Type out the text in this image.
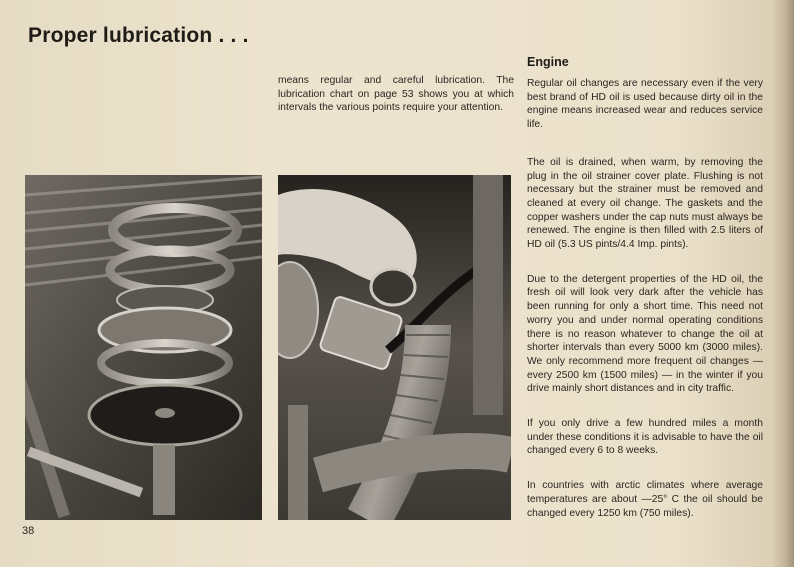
Proper lubrication . . .
means regular and careful lubrication. The lubrication chart on page 53 shows you at which intervals the various points require your attention.
Engine

Regular oil changes are necessary even if the very best brand of HD oil is used because dirty oil in the engine means increased wear and reduces service life.

The oil is drained, when warm, by removing the plug in the oil strainer cover plate. Flushing is not necessary but the strainer must be removed and cleaned at every oil change. The gaskets and the copper washers under the cap nuts must always be renewed. The engine is then filled with 2.5 liters of HD oil (5.3 US pints/4.4 Imp. pints).

Due to the detergent properties of the HD oil, the fresh oil will look very dark after the vehicle has been running for only a short time. This need not worry you and under normal operating conditions there is no reason whatever to change the oil at shorter intervals than every 5000 km (3000 miles). We only recommend more frequent oil changes — every 2500 km (1500 miles) — in the winter if you drive mainly short distances and in city traffic.

If you only drive a few hundred miles a month under these conditions it is advisable to have the oil changed every 6 to 8 weeks.

In countries with arctic climates where average temperatures are about —25° C the oil should be changed every 1250 km (750 miles).

38
